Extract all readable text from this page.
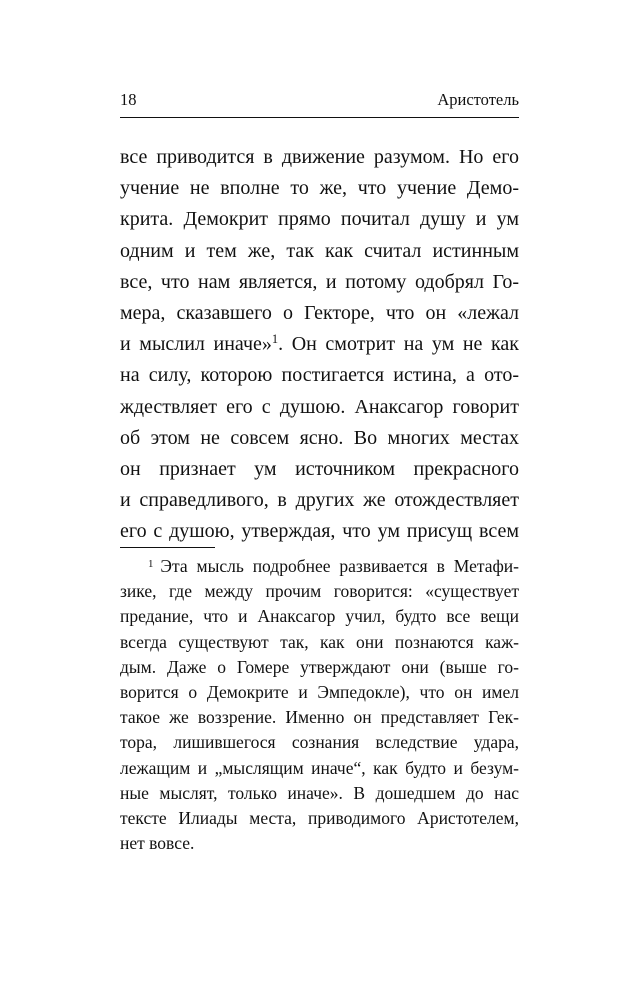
18	Аристотель
все приводится в движение разумом. Но его
учение не вполне то же, что учение Демо-
крита. Демокрит прямо почитал душу и ум
одним и тем же, так как считал истинным
все, что нам является, и потому одобрял Го-
мера, сказавшего о Гекторе, что он «лежал
и мыслил иначе»$^1$. Он смотрит на ум не как
на силу, которою постигается истина, а ото-
ждествляет его с душою. Анаксагор говорит
об этом не совсем ясно. Во многих местах
он признает ум источником прекрасного
и справедливого, в других же отождествляет
его с душою, утверждая, что ум присущ всем
$^1$ Эта мысль подробнее развивается в Метафи-
зике, где между прочим говорится: «существует
предание, что и Анаксагор учил, будто все вещи
всегда существуют так, как они познаются каж-
дым. Даже о Гомере утверждают они (выше го-
ворится о Демокрите и Эмпедокле), что он имел
такое же воззрение. Именно он представляет Гек-
тора, лишившегося сознания вследствие удара,
лежащим и „мыслящим иначе“, как будто и безум-
ные мыслят, только иначе». В дошедшем до нас
тексте Илиады места, приводимого Аристотелем,
нет вовсе.
